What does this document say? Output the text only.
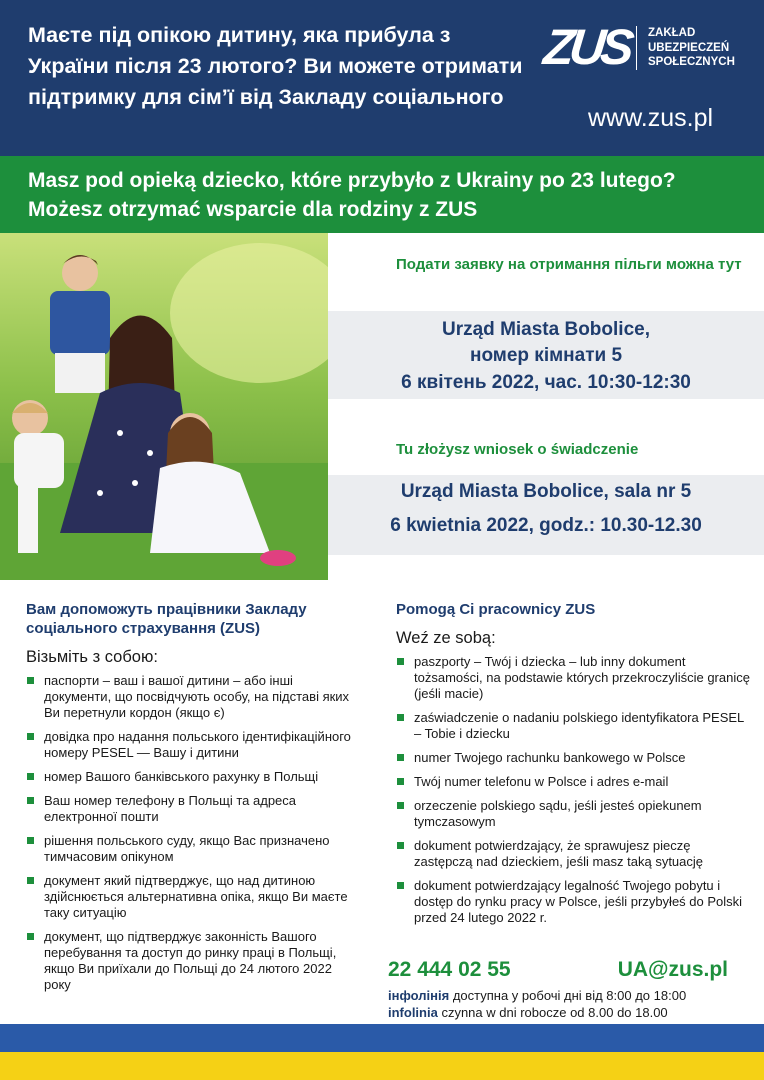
Маєте під опікою дитину, яка прибула з України після 23 лютого? Ви можете отримати підтримку для сім’ї від Закладу соціального
ZUS ZAKŁAD
UBEZPIECZEŃ
SPOŁECZNYCH
www.zus.pl
Masz pod opieką dziecko, które przybyło z Ukrainy po 23 lutego?
Możesz otrzymać wsparcie dla rodziny z ZUS
Подати заявку на отримання пільги можна тут
Urząd Miasta Bobolice,
номер кімнати 5
6 квітень 2022, час. 10:30-12:30
Tu złożysz wniosek o świadczenie
Urząd Miasta Bobolice, sala nr 5
6 kwietnia 2022, godz.: 10.30-12.30
Вам допоможуть працівники Закладу соціального страхування (ZUS)
Візьміть з собою:
паспорти – ваш і вашої дитини – або інші документи, що посвідчують особу, на підставі яких Ви перетнули кордон (якщо є)
довідка про надання польського ідентифікаційного номеру PESEL — Вашу і дитини
номер Вашого банківського рахунку в Польщі
Ваш номер телефону в Польщі та адреса електронної пошти
рішення польського суду, якщо Вас призначено тимчасовим опікуном
документ який підтверджує, що над дитиною здійснюється альтернативна опіка, якщо Ви маєте таку ситуацію
документ, що підтверджує законність Вашого перебування та доступ до ринку праці в Польщі, якщо Ви приїхали до Польщі до 24 лютого 2022 року
Pomogą Ci pracownicy ZUS
Weź ze sobą:
paszporty – Twój i dziecka – lub inny dokument tożsamości, na podstawie których przekroczyliście granicę (jeśli macie)
zaświadczenie o nadaniu polskiego identyfikatora PESEL – Tobie i dziecku
numer Twojego rachunku bankowego w Polsce
Twój numer telefonu w Polsce i adres e-mail
orzeczenie polskiego sądu, jeśli jesteś opiekunem tymczasowym
dokument potwierdzający, że sprawujesz pieczę zastępczą nad dzieckiem, jeśli masz taką sytuację
dokument potwierdzający legalność Twojego pobytu i dostęp do rynku pracy w Polsce, jeśli przybyłeś do Polski przed 24 lutego 2022 r.
22 444 02 55	UA@zus.pl
інфолінія доступна у робочі дні від 8:00 до 18:00
infolinia czynna w dni robocze od 8.00 do 18.00
